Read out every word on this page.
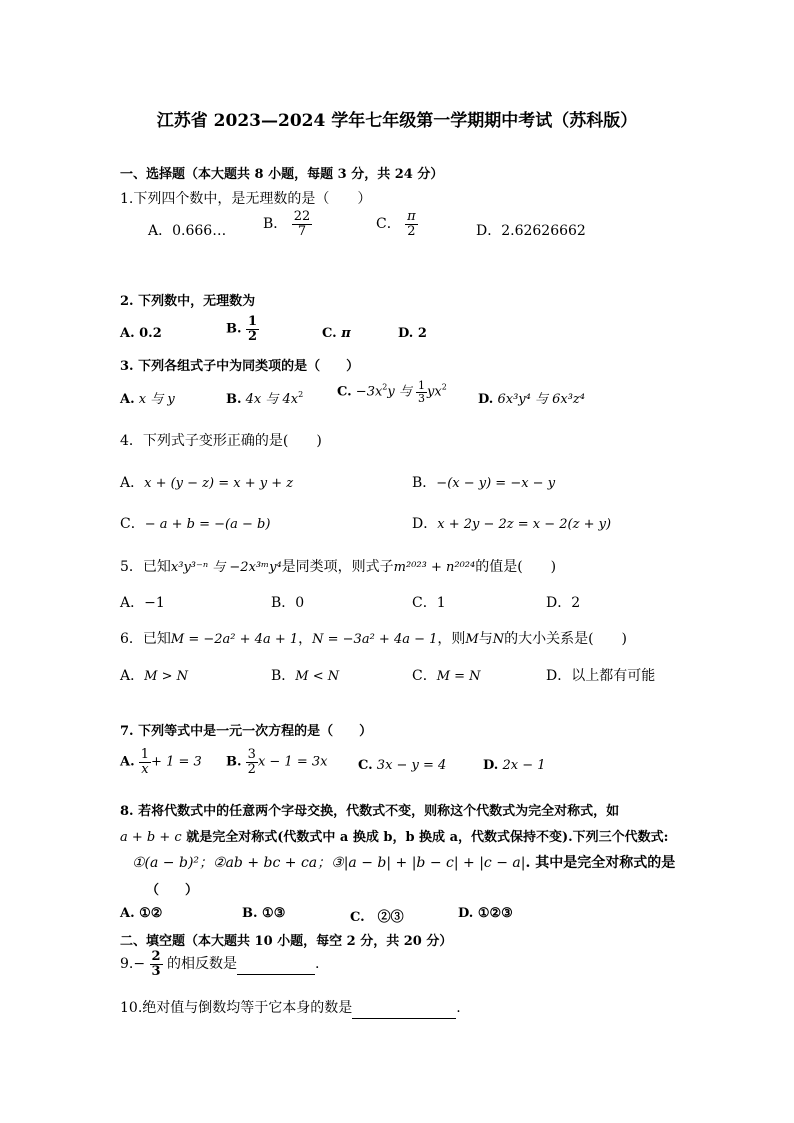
江苏省 2023—2024 学年七年级第一学期期中考试（苏科版）
一、选择题（本大题共 8 小题，每题 3 分，共 24 分）
1.下列四个数中，是无理数的是（　　）
A．0.666…	B． $\frac{22}{7}$	C． $\frac{\pi}{2}$	D．2.62626662
2. 下列数中，无理数为
A. 0.2	B. $\frac{1}{2}$	C. π	D. 2
3. 下列各组式子中为同类项的是（　　）
A. x 与 y	B. 4x 与 $4x^2$	C. $-3x^2y$ 与 $\frac{1}{3} yx^2$
D. 6x³y⁴ 与 6x³z⁴
4．下列式子变形正确的是(　　)
A．x + (y − z) = x + y + z	B．−(x − y) = −x − y
C．− a + b = −(a − b)	D．x + 2y − 2z = x − 2(z + y)
5．已知x³y³⁻ⁿ 与 −2x³ᵐy⁴是同类项，则式子m²⁰²³ + n²⁰²⁴的值是(　　)
A．−1	B．0	C．1	D．2
6．已知M = −2a² + 4a + 1，N = −3a² + 4a − 1，则M与N的大小关系是(　　)
A．M > N	B．M < N	C．M = N	D．以上都有可能
7. 下列等式中是一元一次方程的是（　　）
A. $\frac{1}{x} + 1 = 3$ B. $\frac{3}{2}$ x − 1 = 3x C. 3x − y = 4	D. 2x − 1
8. 若将代数式中的任意两个字母交换，代数式不变，则称这个代数式为完全对称式，如
a + b + c 就是完全对称式(代数式中 a 换成 b，b 换成 a，代数式保持不变).下列三个代数式:
①(a − b)²；②ab + bc + ca；③|a − b| + |b − c| + |c − a|. 其中是完全对称式的是
（　　）
A. ①②	B. ①③	C.　②③	D. ①②③
二、填空题（本大题共 10 小题，每空 2 分，共 20 分）
$9.- \frac{2}{3}$ 的相反数是	.
10.绝对值与倒数均等于它本身的数是	.
